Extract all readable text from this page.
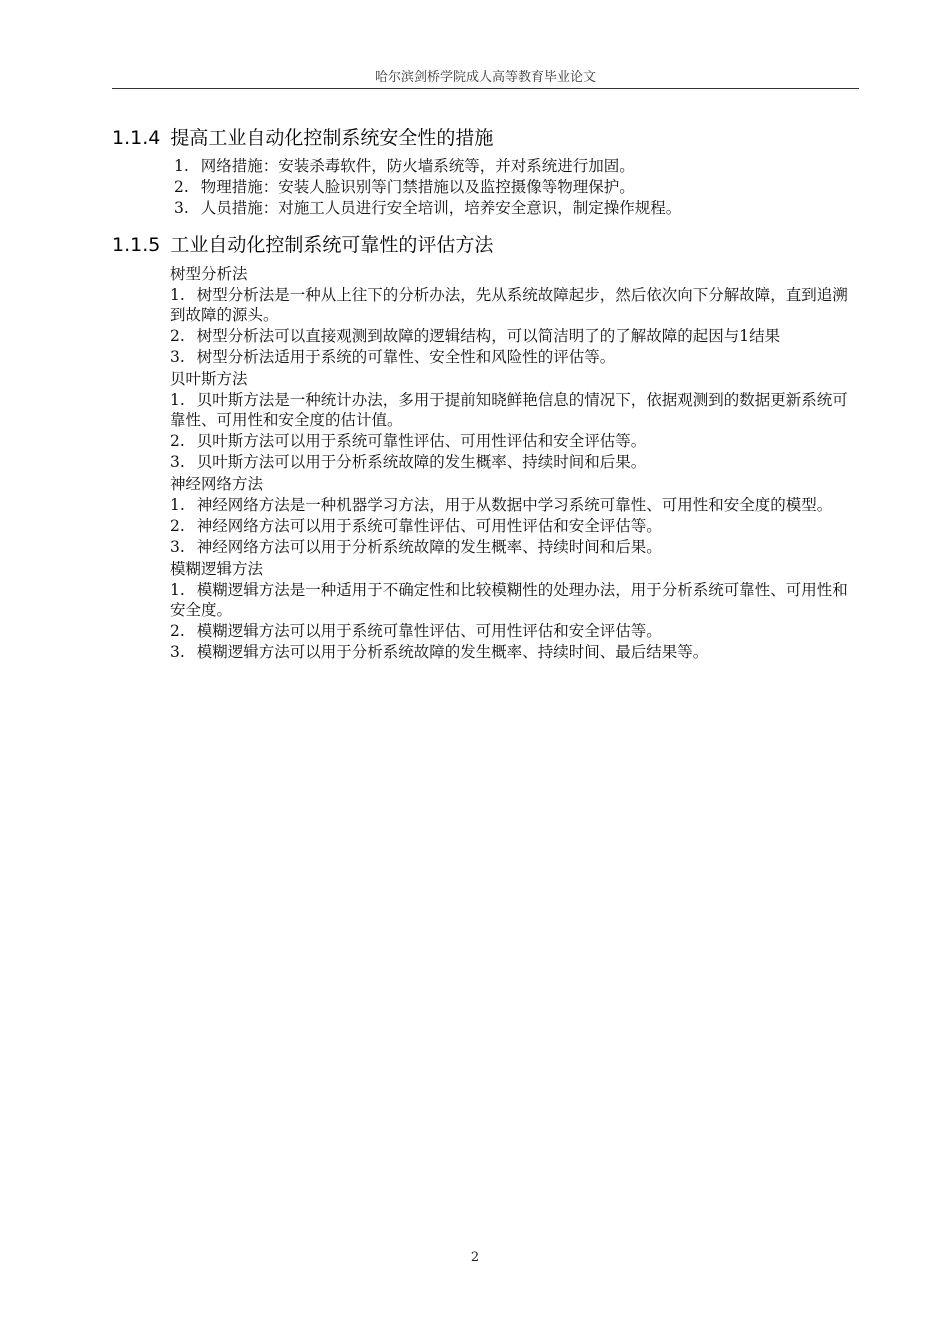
哈尔滨剑桥学院成人高等教育毕业论文
1.1.4 提高工业自动化控制系统安全性的措施

1. 网络措施：安装杀毒软件，防火墙系统等，并对系统进行加固。

2. 物理措施：安装人脸识别等门禁措施以及监控摄像等物理保护。

3. 人员措施：对施工人员进行安全培训，培养安全意识，制定操作规程。

1.1.5 工业自动化控制系统可靠性的评估方法

树型分析法

1. 树型分析法是一种从上往下的分析办法，先从系统故障起步，然后依次向下分解故障，直到追溯到故障的源头。

2. 树型分析法可以直接观测到故障的逻辑结构，可以简洁明了的了解故障的起因与1结果

3. 树型分析法适用于系统的可靠性、安全性和风险性的评估等。

贝叶斯方法

1. 贝叶斯方法是一种统计办法，多用于提前知晓鲜艳信息的情况下，依据观测到的数据更新系统可靠性、可用性和安全度的估计值。

2. 贝叶斯方法可以用于系统可靠性评估、可用性评估和安全评估等。

3. 贝叶斯方法可以用于分析系统故障的发生概率、持续时间和后果。

神经网络方法

1. 神经网络方法是一种机器学习方法，用于从数据中学习系统可靠性、可用性和安全度的模型。

2. 神经网络方法可以用于系统可靠性评估、可用性评估和安全评估等。

3. 神经网络方法可以用于分析系统故障的发生概率、持续时间和后果。

模糊逻辑方法

1. 模糊逻辑方法是一种适用于不确定性和比较模糊性的处理办法，用于分析系统可靠性、可用性和安全度。

2. 模糊逻辑方法可以用于系统可靠性评估、可用性评估和安全评估等。

3. 模糊逻辑方法可以用于分析系统故障的发生概率、持续时间、最后结果等。

2
